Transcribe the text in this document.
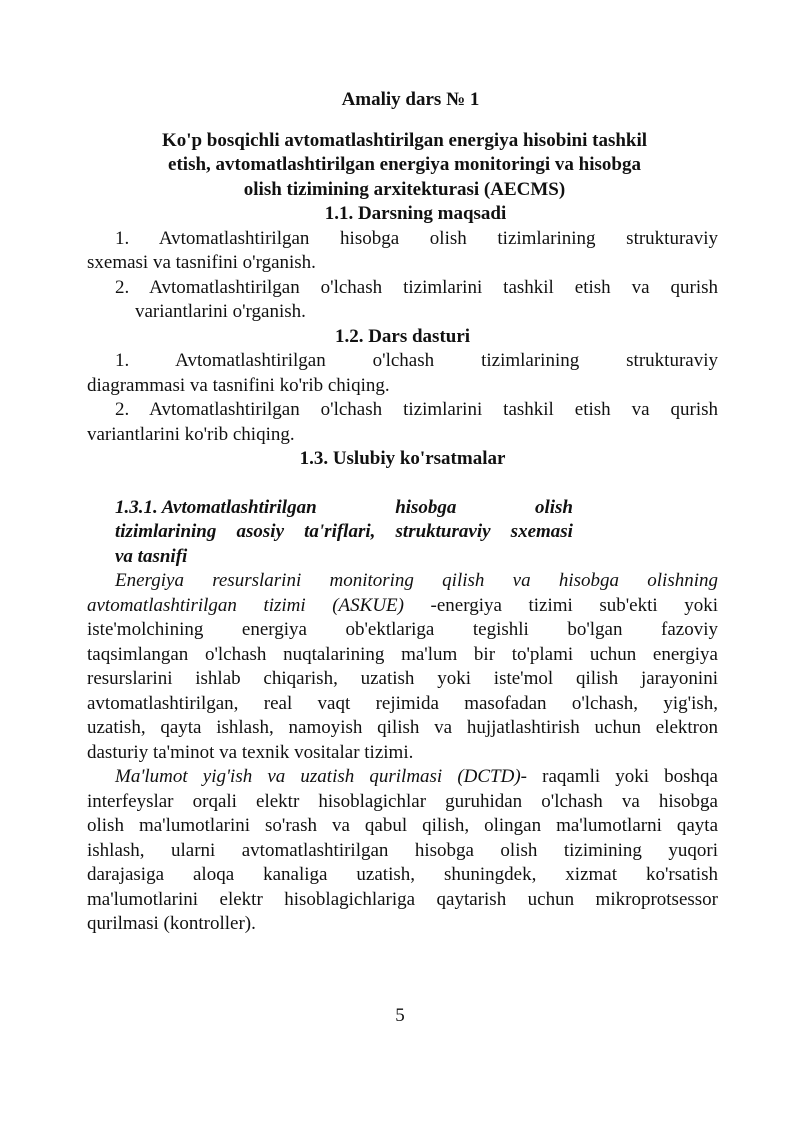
Amaliy dars № 1

Ko'p bosqichli avtomatlashtirilgan energiya hisobini tashkil
etish, avtomatlashtirilgan energiya monitoringi va hisobga
olish tizimining arxitekturasi (AECMS)
1.1. Darsning maqsadi

1. Avtomatlashtirilgan hisobga olish tizimlarining strukturaviy

sxemasi va tasnifini o'rganish.

2. Avtomatlashtirilgan o'lchash tizimlarini tashkil etish va qurish

variantlarini o'rganish.

1.2. Dars dasturi

1. Avtomatlashtirilgan o'lchash tizimlarining strukturaviy

diagrammasi va tasnifini ko'rib chiqing.

2. Avtomatlashtirilgan o'lchash tizimlarini tashkil etish va qurish

variantlarini ko'rib chiqing.

1.3. Uslubiy ko'rsatmalar
1.3.1. Avtomatlashtirilgan	hisobga	olish
tizimlarining asosiy ta'riflari, strukturaviy sxemasi
va tasnifi

Energiya resurslarini monitoring qilish va hisobga olishning

avtomatlashtirilgan tizimi (ASKUE) -energiya tizimi sub'ekti yoki

iste'molchining energiya ob'ektlariga tegishli bo'lgan fazoviy

taqsimlangan o'lchash nuqtalarining ma'lum bir to'plami uchun energiya

resurslarini ishlab chiqarish, uzatish yoki iste'mol qilish jarayonini

avtomatlashtirilgan, real vaqt rejimida masofadan o'lchash, yig'ish,

uzatish, qayta ishlash, namoyish qilish va hujjatlashtirish uchun elektron

dasturiy ta'minot va texnik vositalar tizimi.

Ma'lumot yig'ish va uzatish qurilmasi (DCTD)- raqamli yoki boshqa

interfeyslar orqali elektr hisoblagichlar guruhidan o'lchash va hisobga

olish ma'lumotlarini so'rash va qabul qilish, olingan ma'lumotlarni qayta

ishlash, ularni avtomatlashtirilgan hisobga olish tizimining yuqori

darajasiga aloqa kanaliga uzatish, shuningdek, xizmat ko'rsatish

ma'lumotlarini elektr hisoblagichlariga qaytarish uchun mikroprotsessor

qurilmasi (kontroller).

5
